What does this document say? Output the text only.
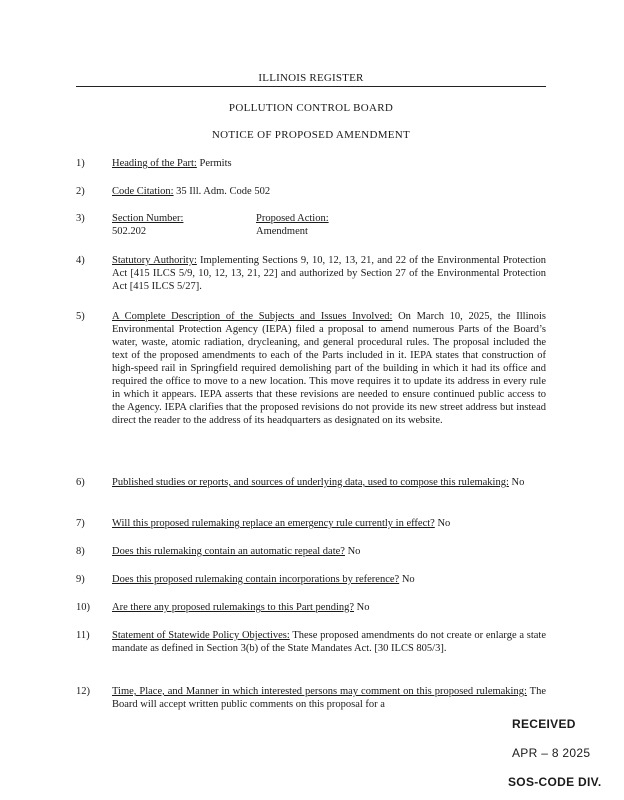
ILLINOIS REGISTER
POLLUTION CONTROL BOARD
NOTICE OF PROPOSED AMENDMENT
1)	Heading of the Part: Permits
2)	Code Citation: 35 Ill. Adm. Code 502
3)	Section Number:
502.202
Proposed Action:
Amendment
4)	Statutory Authority: Implementing Sections 9, 10, 12, 13, 21, and 22 of the Environmental Protection Act [415 ILCS 5/9, 10, 12, 13, 21, 22] and authorized by Section 27 of the Environmental Protection Act [415 ILCS 5/27].
5)	A Complete Description of the Subjects and Issues Involved: On March 10, 2025, the Illinois Environmental Protection Agency (IEPA) filed a proposal to amend numerous Parts of the Board’s water, waste, atomic radiation, drycleaning, and general procedural rules. The proposal included the text of the proposed amendments to each of the Parts included in it. IEPA states that construction of high-speed rail in Springfield required demolishing part of the building in which it had its office and required the office to move to a new location. This move requires it to update its address in every rule in which it appears. IEPA asserts that these revisions are needed to ensure continued public access to the Agency. IEPA clarifies that the proposed revisions do not provide its new street address but instead direct the reader to the address of its headquarters as designated on its website.
6)	Published studies or reports, and sources of underlying data, used to compose this rulemaking: No
7)	Will this proposed rulemaking replace an emergency rule currently in effect? No
8)	Does this rulemaking contain an automatic repeal date? No
9)	Does this proposed rulemaking contain incorporations by reference? No
10)	Are there any proposed rulemakings to this Part pending? No
11)	Statement of Statewide Policy Objectives: These proposed amendments do not create or enlarge a state mandate as defined in Section 3(b) of the State Mandates Act. [30 ILCS 805/3].
12)	Time, Place, and Manner in which interested persons may comment on this proposed rulemaking: The Board will accept written public comments on this proposal for a
RECEIVED
APR – 8 2025
SOS-CODE DIV.
